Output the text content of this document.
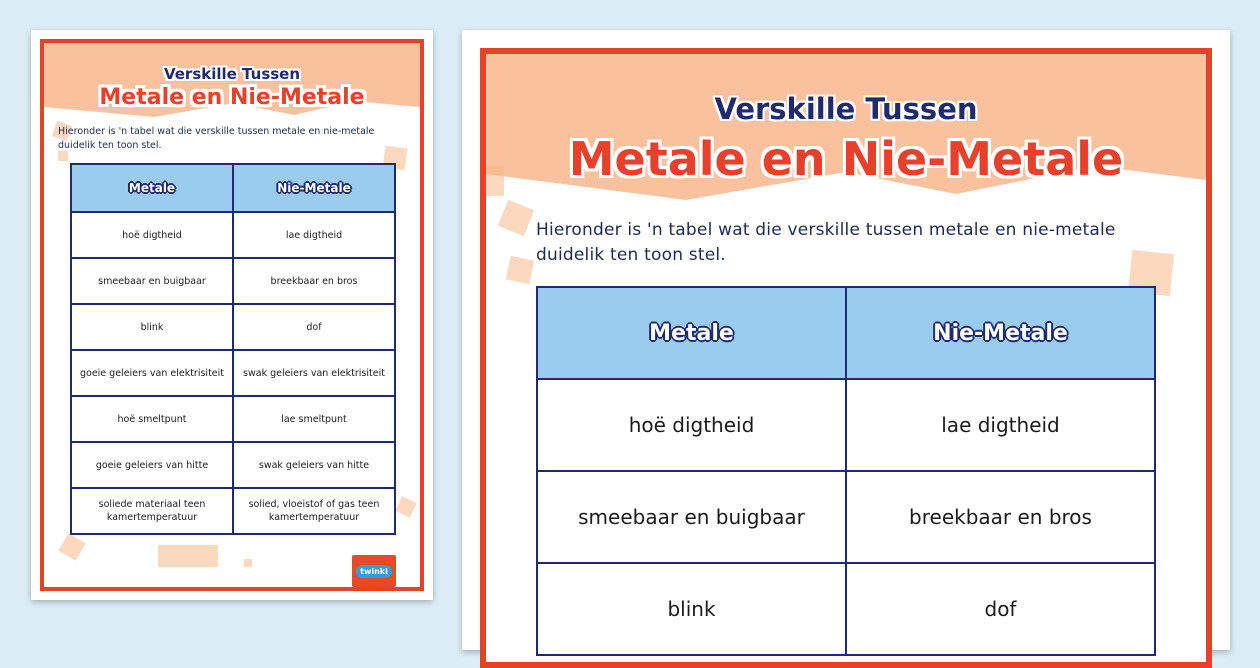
Verskille Tussen
Metale en Nie-Metale
Hieronder is 'n tabel wat die verskille tussen metale en nie-metale duidelik ten toon stel.
Metale	Nie-Metale
hoë digtheid	lae digtheid
smeebaar en buigbaar	breekbaar en bros
blink	dof
goeie geleiers van elektrisiteit	swak geleiers van elektrisiteit
hoë smeltpunt	lae smeltpunt
goeie geleiers van hitte	swak geleiers van hitte
soliede materiaal teen kamertemperatuur	solied, vloeistof of gas teen kamertemperatuur
twinkl
Verskille Tussen
Metale en Nie-Metale
Hieronder is 'n tabel wat die verskille tussen metale en nie-metale duidelik ten toon stel.
Metale	Nie-Metale
hoë digtheid	lae digtheid
smeebaar en buigbaar	breekbaar en bros
blink	dof
